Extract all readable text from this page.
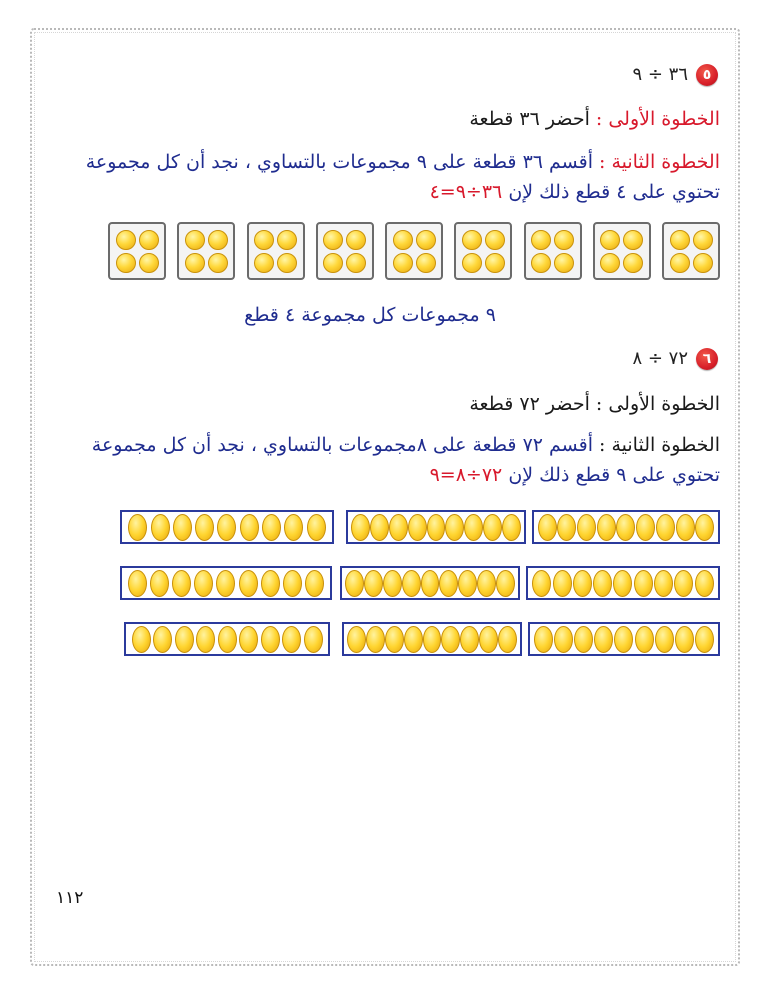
٥
٣٦ ÷ ٩
الخطوة الأولى : أحضر ٣٦ قطعة
الخطوة الثانية : أقسم ٣٦ قطعة على ٩ مجموعات بالتساوي ، نجد أن كل مجموعة
تحتوي على ٤ قطع ذلك لإن ٣٦÷٩=٤
٩ مجموعات كل مجموعة ٤ قطع
٦
٧٢ ÷ ٨
الخطوة الأولى : أحضر ٧٢ قطعة
الخطوة الثانية : أقسم ٧٢ قطعة على ٨مجموعات بالتساوي ، نجد أن كل مجموعة
تحتوي على ٩ قطع ذلك لإن ٧٢÷٨=٩
١١٢
